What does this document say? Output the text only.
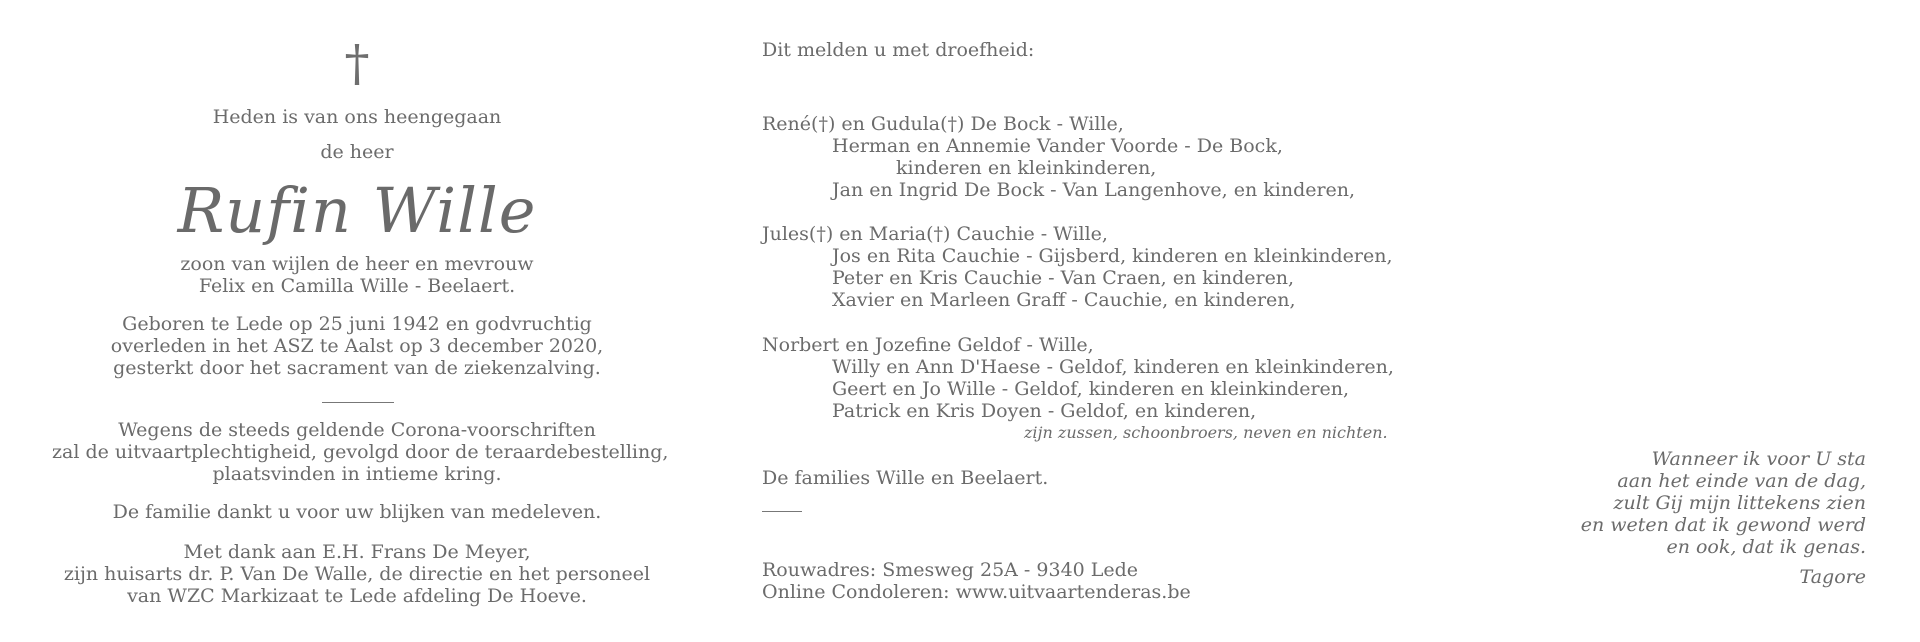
†
Heden is van ons heengegaan
de heer
Rufin Wille
zoon van wijlen de heer en mevrouw
Felix en Camilla Wille - Beelaert.
Geboren te Lede op 25 juni 1942 en godvruchtig
overleden in het ASZ te Aalst op 3 december 2020,
gesterkt door het sacrament van de ziekenzalving.
Wegens de steeds geldende Corona-voorschriften
zal de uitvaartplechtigheid, gevolgd door de teraardebestelling,
plaatsvinden in intieme kring.
De familie dankt u voor uw blijken van medeleven.
Met dank aan E.H. Frans De Meyer,
zijn huisarts dr. P. Van De Walle, de directie en het personeel
van WZC Markizaat te Lede afdeling De Hoeve.
Dit melden u met droefheid:
René(†) en Gudula(†) De Bock - Wille,
Herman en Annemie Vander Voorde - De Bock,
kinderen en kleinkinderen,
Jan en Ingrid De Bock - Van Langenhove, en kinderen,
Jules(†) en Maria(†) Cauchie - Wille,
Jos en Rita Cauchie - Gijsberd, kinderen en kleinkinderen,
Peter en Kris Cauchie - Van Craen, en kinderen,
Xavier en Marleen Graff - Cauchie, en kinderen,
Norbert en Jozefine Geldof - Wille,
Willy en Ann D'Haese - Geldof, kinderen en kleinkinderen,
Geert en Jo Wille - Geldof, kinderen en kleinkinderen,
Patrick en Kris Doyen - Geldof, en kinderen,
zijn zussen, schoonbroers, neven en nichten.
De families Wille en Beelaert.
Rouwadres: Smesweg 25A - 9340 Lede
Online Condoleren: www.uitvaartenderas.be
Wanneer ik voor U sta
aan het einde van de dag,
zult Gij mijn littekens zien
en weten dat ik gewond werd
en ook, dat ik genas.
Tagore
